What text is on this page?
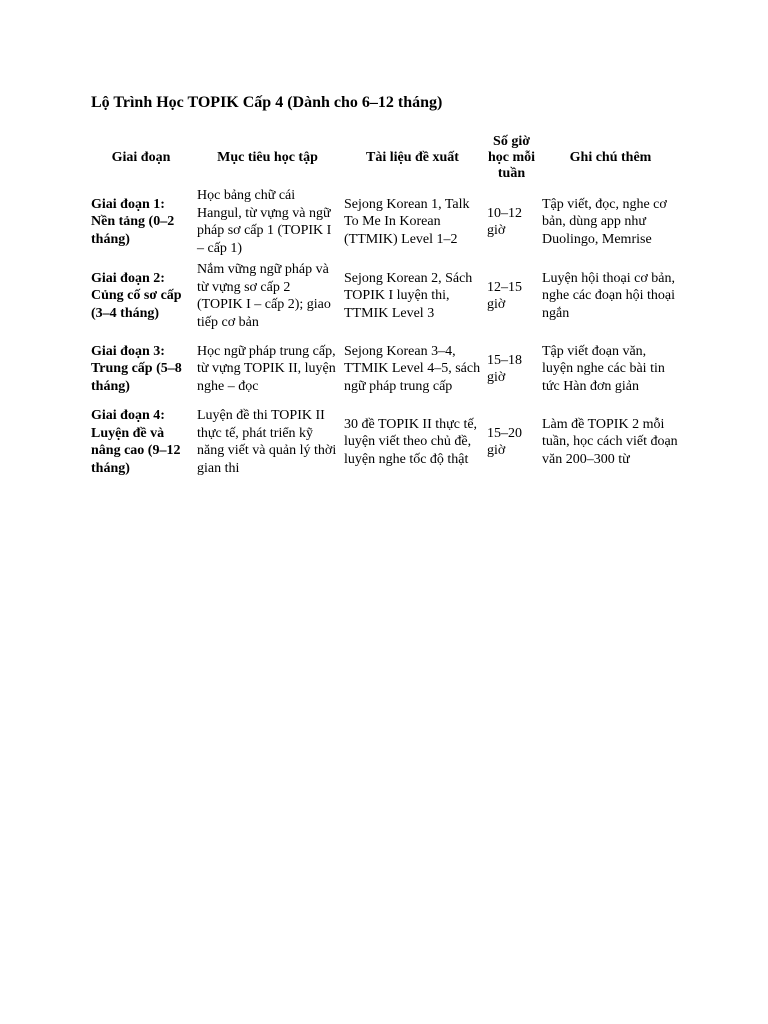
Lộ Trình Học TOPIK Cấp 4 (Dành cho 6–12 tháng)
Giai đoạn	Mục tiêu học tập	Tài liệu đề xuất	Số giờ học mỗi tuần	Ghi chú thêm
Giai đoạn 1: Nền tảng (0–2 tháng)	Học bảng chữ cái Hangul, từ vựng và ngữ pháp sơ cấp 1 (TOPIK I – cấp 1)	Sejong Korean 1, Talk To Me In Korean (TTMIK) Level 1–2	10–12 giờ	Tập viết, đọc, nghe cơ bản, dùng app như Duolingo, Memrise
Giai đoạn 2: Củng cố sơ cấp (3–4 tháng)	Nắm vững ngữ pháp và từ vựng sơ cấp 2 (TOPIK I – cấp 2); giao tiếp cơ bản	Sejong Korean 2, Sách TOPIK I luyện thi, TTMIK Level 3	12–15 giờ	Luyện hội thoại cơ bản, nghe các đoạn hội thoại ngắn
Giai đoạn 3: Trung cấp (5–8 tháng)	Học ngữ pháp trung cấp, từ vựng TOPIK II, luyện nghe – đọc	Sejong Korean 3–4, TTMIK Level 4–5, sách ngữ pháp trung cấp	15–18 giờ	Tập viết đoạn văn, luyện nghe các bài tin tức Hàn đơn giản
Giai đoạn 4: Luyện đề và nâng cao (9–12 tháng)	Luyện đề thi TOPIK II thực tế, phát triển kỹ năng viết và quản lý thời gian thi	30 đề TOPIK II thực tế, luyện viết theo chủ đề, luyện nghe tốc độ thật	15–20 giờ	Làm đề TOPIK 2 mỗi tuần, học cách viết đoạn văn 200–300 từ
